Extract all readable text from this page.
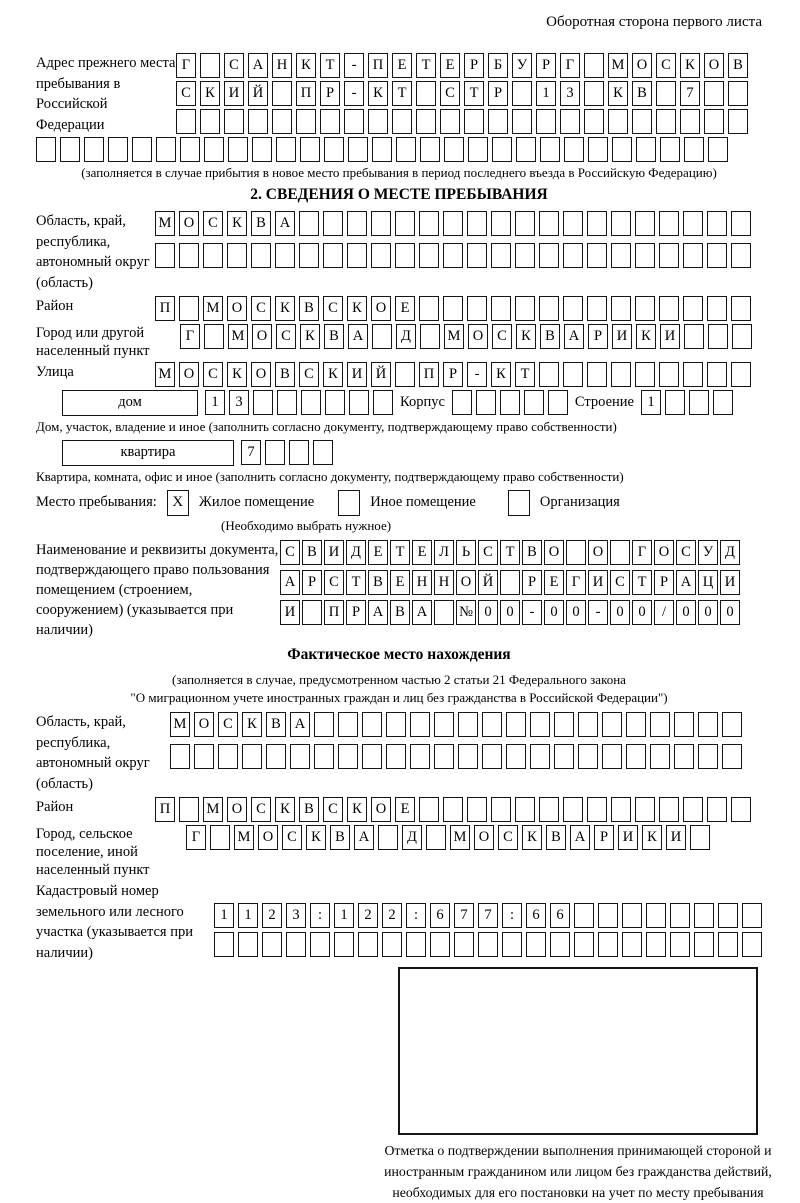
Оборотная сторона первого листа
Адрес прежнего места пребывания в Российской Федерации
Г	С А Н К	Т	-	П Е	Т	Е	Р	Б	У	Р	Г	М О С К О В
С К И Й	П	Р	-	К	Т	С	Т	Р	1	3	К В	7
(заполняется в случае прибытия в новое место пребывания в период последнего въезда в Российскую Федерацию)
2. СВЕДЕНИЯ О МЕСТЕ ПРЕБЫВАНИЯ
Область, край, республика, автономный округ (область)
М О С К В А
Район	П	М О С К В С К О Е
Город или другой населенный пункт
Г	М О С К В А	Д	М О С К В А	Р	И К И
Улица	М О С К О В С К И Й	П	Р	-	К	Т
дом	1	3	Корпус	Строение 1
Дом, участок, владение и иное (заполнить согласно документу, подтверждающему право собственности)
квартира	7
Квартира, комната, офис и иное (заполнить согласно документу, подтверждающему право собственности)
Место пребывания:	X	Жилое помещение	Иное помещение	Организация
(Необходимо выбрать нужное)
Наименование и реквизиты документа, подтверждающего право пользования помещением (строением, сооружением) (указывается при наличии)
С В И Д Е Т Е Л Ь С Т В О	О	Г О С У Д
А Р С Т В Е Н Н О Й	Р Е Г И С Т Р А Ц И
И	П Р А В А	№ 0	0	-	0	0	-	0	0	/	0	0	0
Фактическое место нахождения
(заполняется в случае, предусмотренном частью 2 статьи 21 Федерального закона
"О миграционном учете иностранных граждан и лиц без гражданства в Российской Федерации")
Область, край, республика, автономный округ (область)
М О С К В А
Район	П	М О С К В С К О Е
Город, сельское поселение, иной населенный пункт
Г	М О С К В А	Д	М О С К В А	Р	И К И
Кадастровый номер земельного или лесного участка (указывается при наличии)
1	1	2	3	:	1	2	2	:	6	7	7	:	6	6
Отметка о подтверждении выполнения принимающей стороной и иностранным гражданином или лицом без гражданства действий, необходимых для его постановки на учет по месту пребывания
